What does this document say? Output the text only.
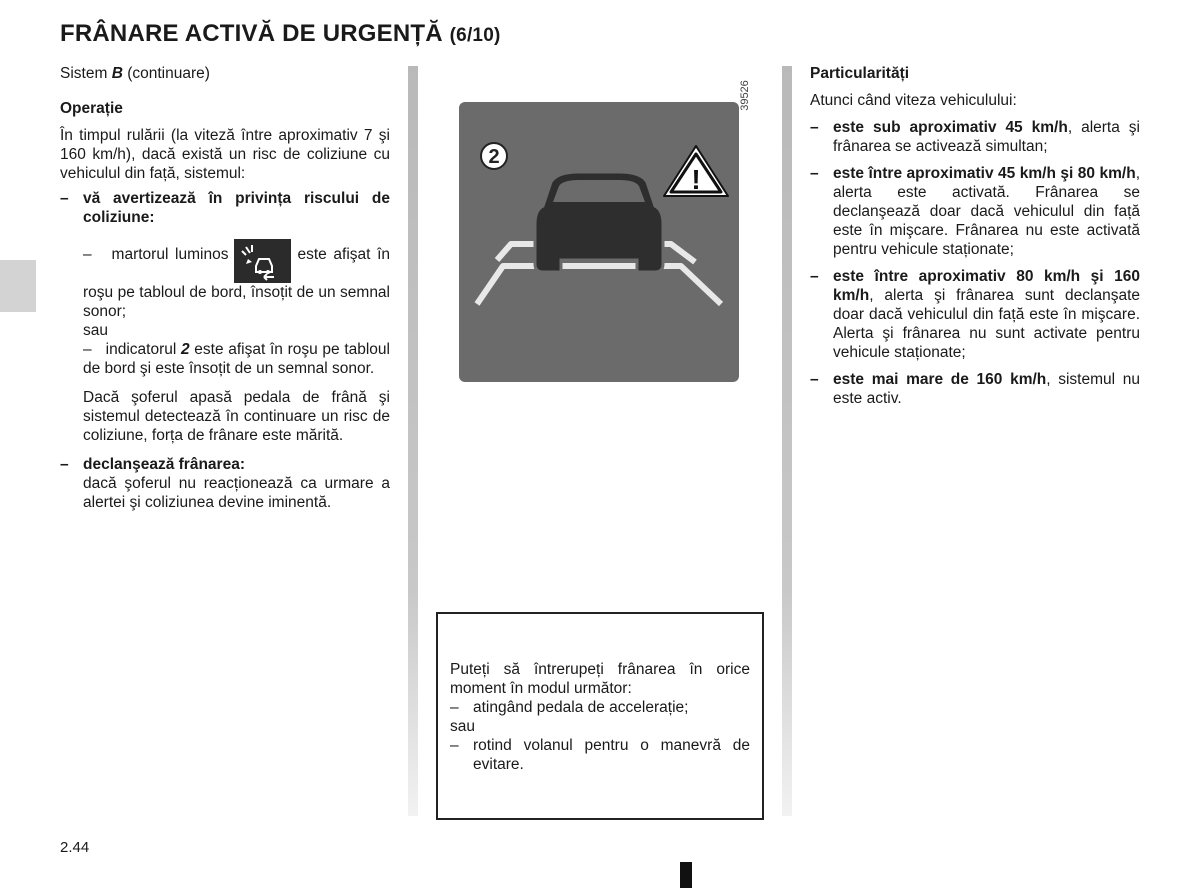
FRÂNARE ACTIVĂ DE URGENȚĂ (6/10)

Sistem B (continuare)

Operație

În timpul rulării (la viteză între aproximativ 7 şi 160 km/h), dacă există un risc de coliziune cu vehiculul din față, sistemul:

– vă avertizează în privința riscului de coliziune:

– martorul luminos	este afişat în roşu pe tabloul de bord, însoțit de un semnal sonor;

sau

– indicatorul 2 este afişat în roşu pe tabloul de bord şi este însoțit de un semnal sonor.

Dacă şoferul apasă pedala de frână şi sistemul detectează în continuare un risc de coliziune, forța de frânare este mărită.

– declanşează frânarea:

dacă şoferul nu reacționează ca urmare a alertei şi coliziunea devine iminentă.

39526
2
!

Puteți să întrerupeți frânarea în orice moment în modul următor:

– atingând pedala de accelerație;

sau

– rotind volanul pentru o manevră de evitare.

Particularități

Atunci când viteza vehiculului:

– este sub aproximativ 45 km/h, alerta şi frânarea se activează simultan;
– este între aproximativ 45 km/h şi 80 km/h, alerta este activată. Frânarea se declanşează doar dacă vehiculul din față este în mişcare. Frânarea nu este activată pentru vehicule staționate;
– este între aproximativ 80 km/h şi 160 km/h, alerta şi frânarea sunt declanşate doar dacă vehiculul din față este în mişcare. Alerta şi frânarea nu sunt activate pentru vehicule staționate;
– este mai mare de 160 km/h, sistemul nu este activ.
2.44
